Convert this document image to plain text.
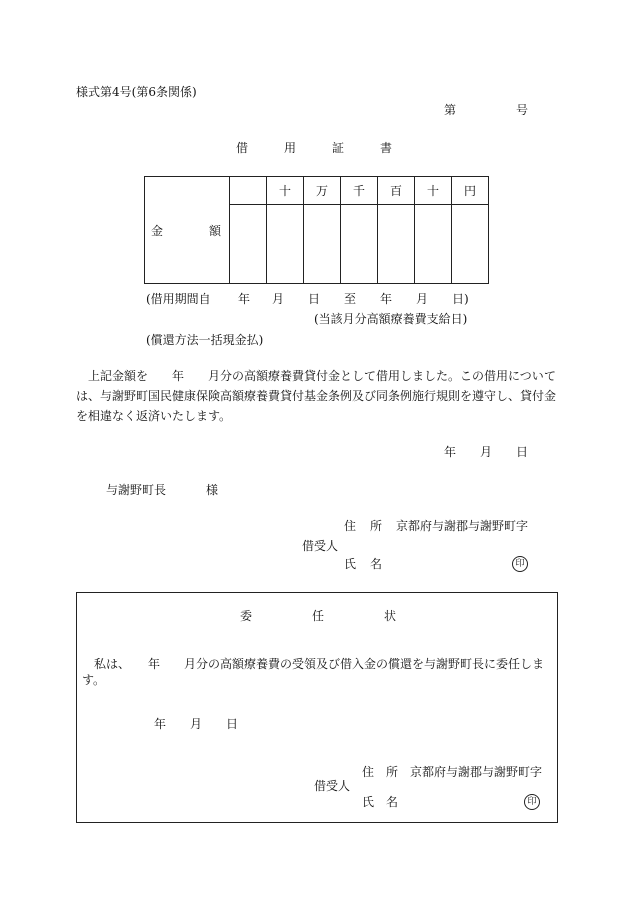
様式第4号(第6条関係)
第	号
借	用	証	書
金 額		十	万	千	百	十	円

(借用期間自 年 月 日 至 年 月 日)
(当該月分高額療養費支給日)
(償還方法一括現金払)
上記金額を　　年　　月分の高額療養費貸付金として借用しました。この借用につい て
は、与謝野町国民健康保険高額療養費貸付基金条例及び同条例施行規則を遵守し、貸付金
を相違なく返済いたします。
年 月 日
与謝野町長	様
住 所 京都府与謝郡与謝野町字
借受人
氏 名	印
委	任	状
私は、　　年　　月分の高額療養費の受領及び借入金の償還を与謝野町長に委任しま
す。
年 月 日
住 所 京都府与謝郡与謝野町字
借受人
氏 名	印
